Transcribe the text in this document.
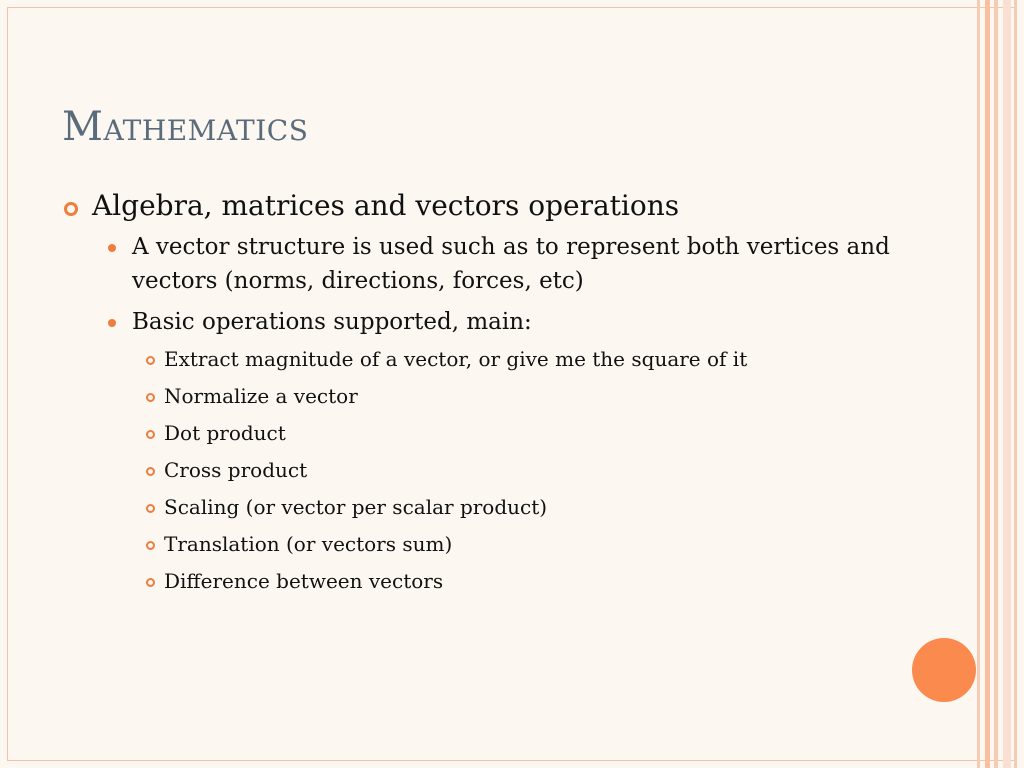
Mathematics
Algebra, matrices and vectors operations
A vector structure is used such as to represent both vertices and vectors (norms, directions, forces, etc)
Basic operations supported, main:
Extract magnitude of a vector, or give me the square of it
Normalize a vector
Dot product
Cross product
Scaling (or vector per scalar product)
Translation (or vectors sum)
Difference between vectors
